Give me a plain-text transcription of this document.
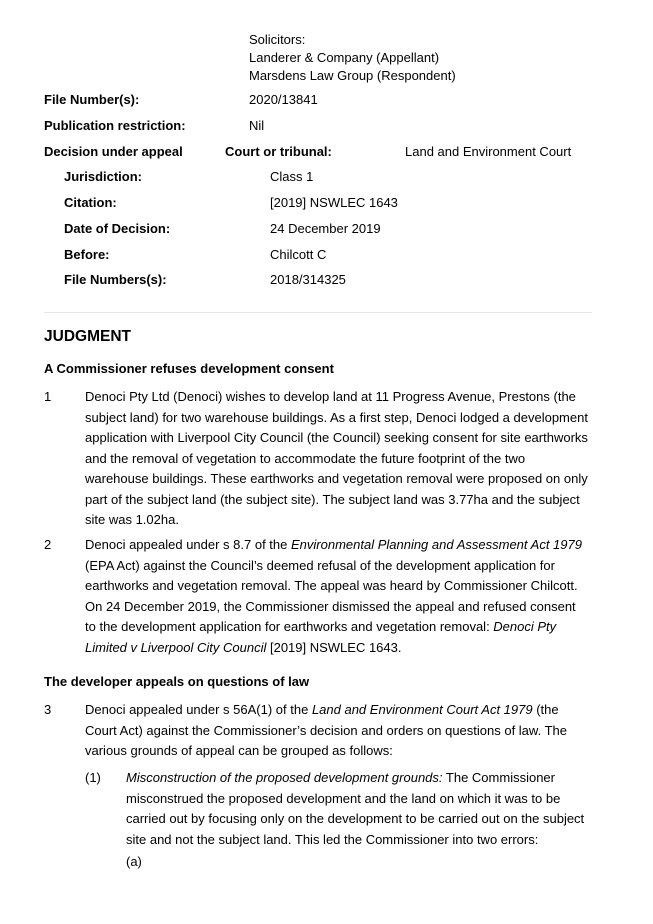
Solicitors:
Landerer & Company (Appellant)
Marsdens Law Group (Respondent)
File Number(s):	2020/13841
Publication restriction:	Nil
Decision under appeal	Court or tribunal:	Land and Environment Court
Jurisdiction:	Class 1
Citation:	[2019] NSWLEC 1643
Date of Decision:	24 December 2019
Before:	Chilcott C
File Numbers(s):	2018/314325
JUDGMENT
A Commissioner refuses development consent
1	Denoci Pty Ltd (Denoci) wishes to develop land at 11 Progress Avenue, Prestons (the
subject land) for two warehouse buildings. As a first step, Denoci lodged a development
application with Liverpool City Council (the Council) seeking consent for site earthworks
and the removal of vegetation to accommodate the future footprint of the two
warehouse buildings. These earthworks and vegetation removal were proposed on only
part of the subject land (the subject site). The subject land was 3.77ha and the subject
site was 1.02ha.
2	Denoci appealed under s 8.7 of the Environmental Planning and Assessment Act 1979
(EPA Act) against the Council’s deemed refusal of the development application for
earthworks and vegetation removal. The appeal was heard by Commissioner Chilcott.
On 24 December 2019, the Commissioner dismissed the appeal and refused consent
to the development application for earthworks and vegetation removal: Denoci Pty
Limited v Liverpool City Council [2019] NSWLEC 1643.
The developer appeals on questions of law
3	Denoci appealed under s 56A(1) of the Land and Environment Court Act 1979 (the
Court Act) against the Commissioner’s decision and orders on questions of law. The
various grounds of appeal can be grouped as follows:
(1) Misconstruction of the proposed development grounds: The Commissioner
misconstrued the proposed development and the land on which it was to be
carried out by focusing only on the development to be carried out on the subject
site and not the subject land. This led the Commissioner into two errors:
(a)
